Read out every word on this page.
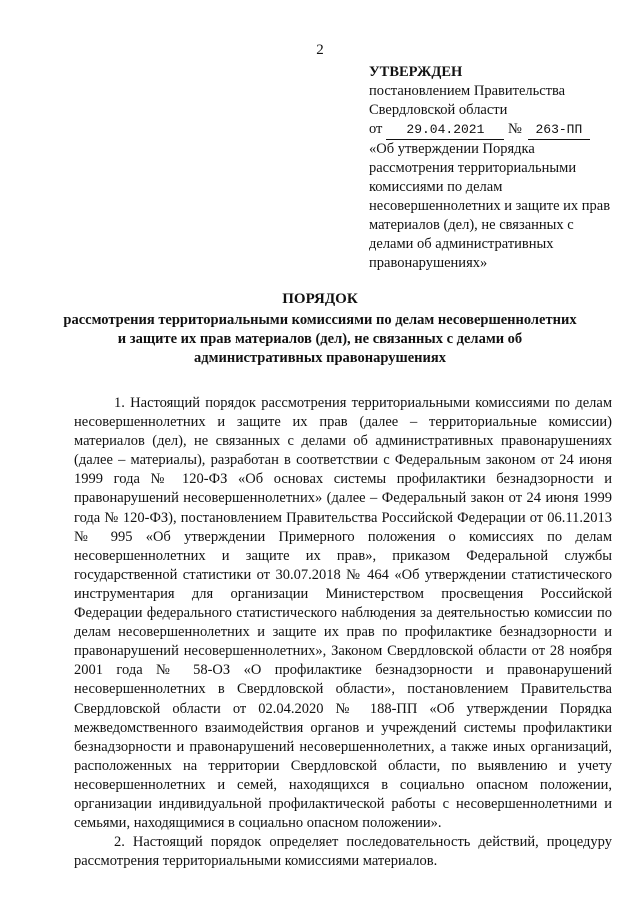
2
УТВЕРЖДЕН
постановлением Правительства
Свердловской области
от 29.04.2021 № 263-ПП
«Об утверждении Порядка рассмотрения территориальными комиссиями по делам несовершеннолетних и защите их прав материалов (дел), не связанных с делами об административных правонарушениях»
ПОРЯДОК
рассмотрения территориальными комиссиями по делам несовершеннолетних и защите их прав материалов (дел), не связанных с делами об административных правонарушениях

1. Настоящий порядок рассмотрения территориальными комиссиями по делам несовершеннолетних и защите их прав (далее – территориальные комиссии) материалов (дел), не связанных с делами об административных правонарушениях (далее – материалы), разработан в соответствии с Федеральным законом от 24 июня 1999 года № 120-ФЗ «Об основах системы профилактики безнадзорности и правонарушений несовершеннолетних» (далее – Федеральный закон от 24 июня 1999 года № 120-ФЗ), постановлением Правительства Российской Федерации от 06.11.2013 № 995 «Об утверждении Примерного положения о комиссиях по делам несовершеннолетних и защите их прав», приказом Федеральной службы государственной статистики от 30.07.2018 № 464 «Об утверждении статистического инструментария для организации Министерством просвещения Российской Федерации федерального статистического наблюдения за деятельностью комиссии по делам несовершеннолетних и защите их прав по профилактике безнадзорности и правонарушений несовершеннолетних», Законом Свердловской области от 28 ноября 2001 года № 58-ОЗ «О профилактике безнадзорности и правонарушений несовершеннолетних в Свердловской области», постановлением Правительства Свердловской области от 02.04.2020 № 188-ПП «Об утверждении Порядка межведомственного взаимодействия органов и учреждений системы профилактики безнадзорности и правонарушений несовершеннолетних, а также иных организаций, расположенных на территории Свердловской области, по выявлению и учету несовершеннолетних и семей, находящихся в социально опасном положении, организации индивидуальной профилактической работы с несовершеннолетними и семьями, находящимися в социально опасном положении».

2. Настоящий порядок определяет последовательность действий, процедуру рассмотрения территориальными комиссиями материалов.
